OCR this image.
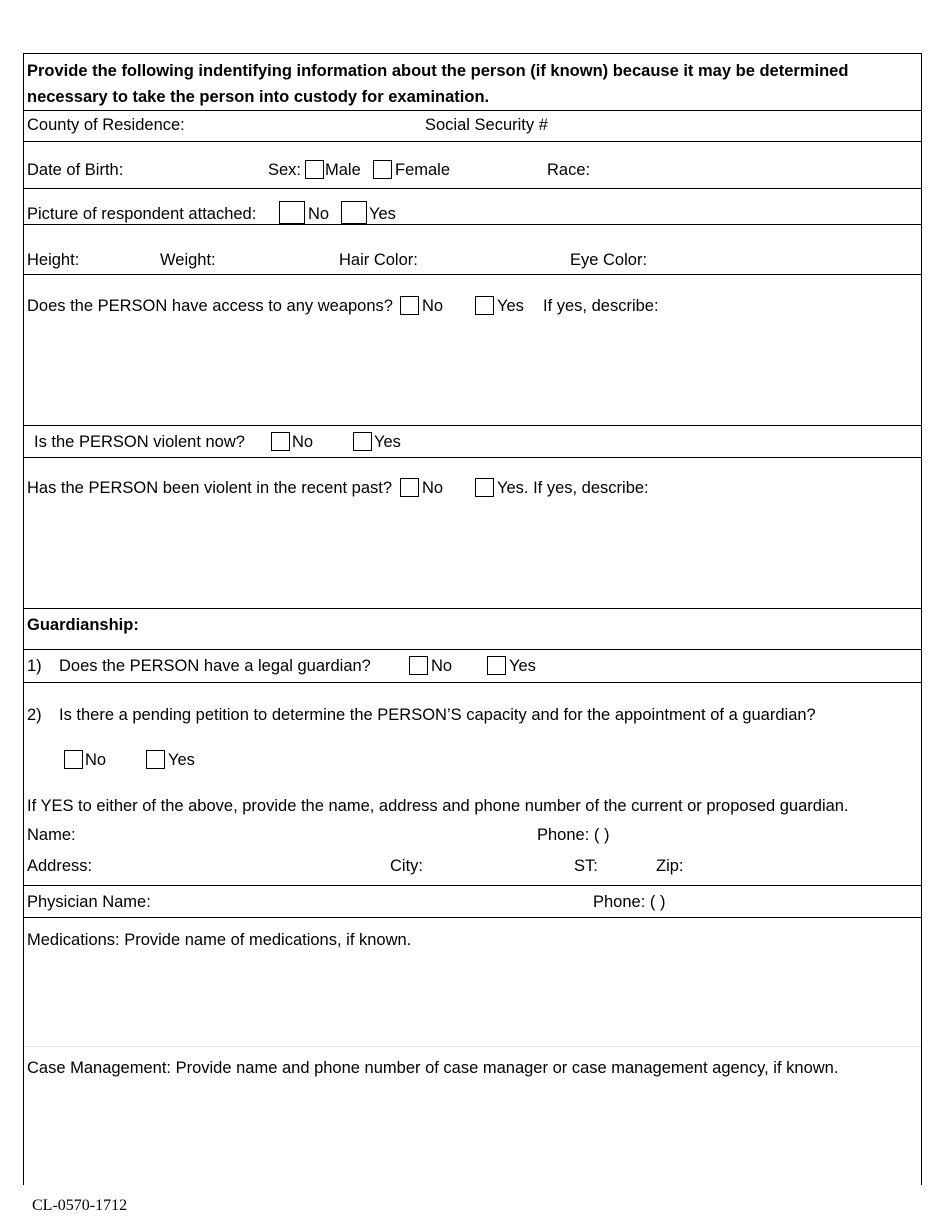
Provide the following indentifying information about the person (if known) because it may be determined
necessary to take the person into custody for examination.
County of Residence:	Social Security #
Date of Birth:	Sex: Male Female	Race:
Picture of respondent attached:	No Yes
Height:	Weight:	Hair Color:	Eye Color:
Does the PERSON have access to any weapons? No	Yes If yes, describe:
Is the PERSON violent now?	No	Yes
Has the PERSON been violent in the recent past? No	Yes. If yes, describe:
Guardianship:
1) Does the PERSON have a legal guardian?	No	Yes
2) Is there a pending petition to determine the PERSON’S capacity and for the appointment of a guardian?
No	Yes
If YES to either of the above, provide the name, address and phone number of the current or proposed guardian.
Name:	Phone: ( )
Address:	City:	ST:	Zip:
Physician Name:	Phone: ( )
Medications: Provide name of medications, if known.
Case Management: Provide name and phone number of case manager or case management agency, if known.
CL-0570-1712
